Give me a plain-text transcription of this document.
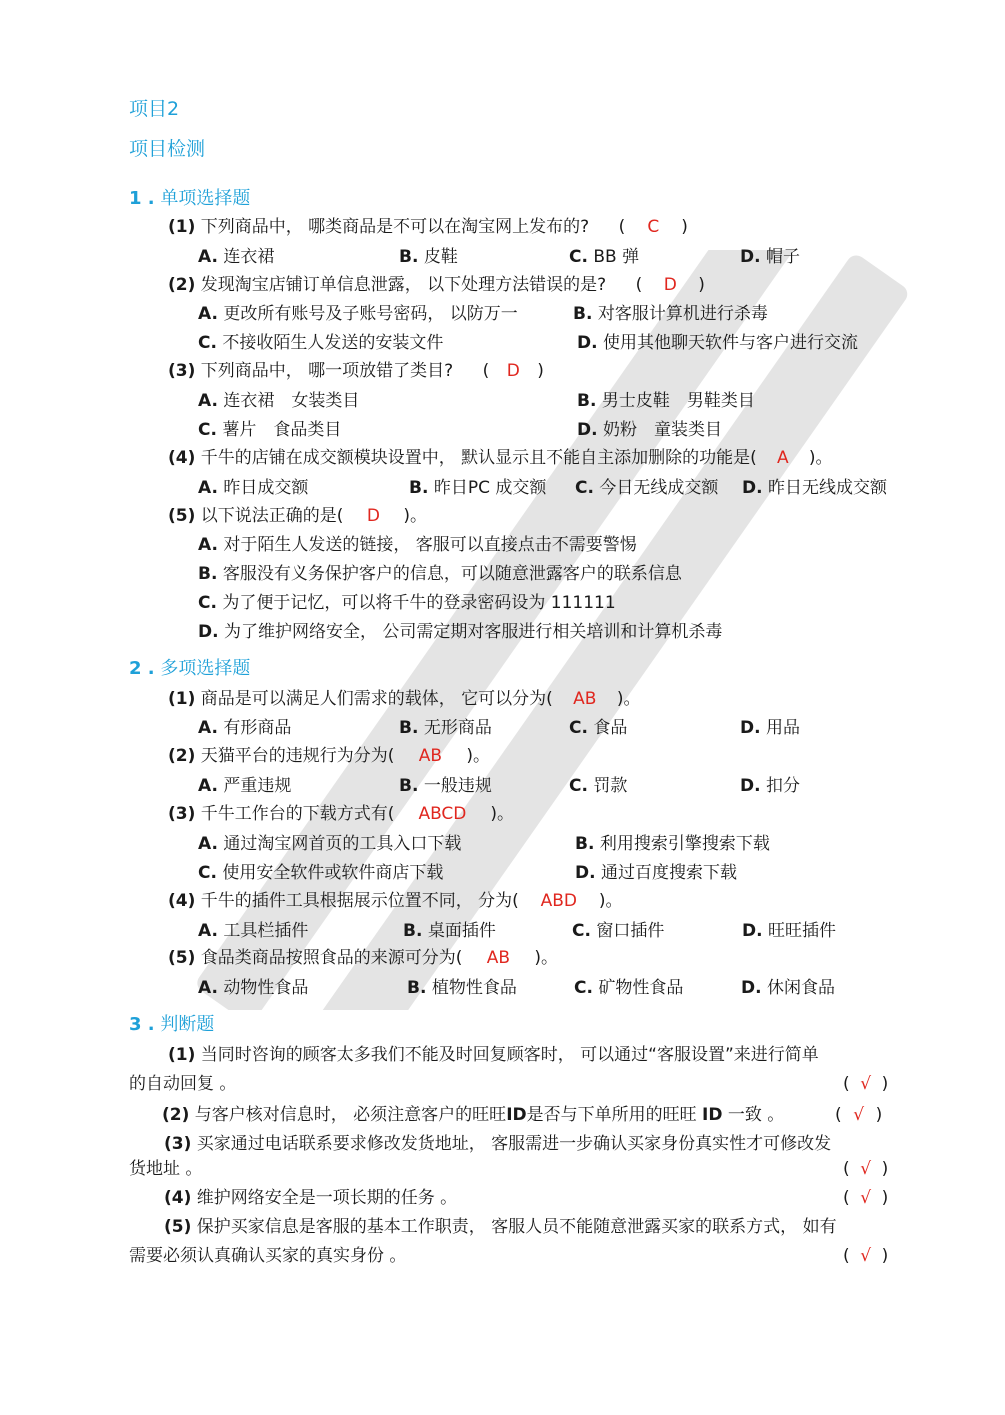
项目2
项目检测
1 . 单项选择题
(1) 下列商品中， 哪类商品是不可以在淘宝网上发布的? ( C )
A. 连衣裙	B. 皮鞋	C. BB 弹	D. 帽子
(2) 发现淘宝店铺订单信息泄露， 以下处理方法错误的是? ( D )
A. 更改所有账号及子账号密码， 以防万一	B. 对客服计算机进行杀毒
C. 不接收陌生人发送的安装文件	D. 使用其他聊天软件与客户进行交流
(3) 下列商品中， 哪一项放错了类目? ( D )
A. 连衣裙　女装类目	B. 男士皮鞋　男鞋类目
C. 薯片　食品类目	D. 奶粉　童装类目
(4) 千牛的店铺在成交额模块设置中， 默认显示且不能自主添加删除的功能是( A )。
A. 昨日成交额	B. 昨日PC 成交额 C. 今日无线成交额 D. 昨日无线成交额
(5) 以下说法正确的是( D )。
A. 对于陌生人发送的链接， 客服可以直接点击不需要警惕
B. 客服没有义务保护客户的信息，可以随意泄露客户的联系信息
C. 为了便于记忆，可以将千牛的登录密码设为 111111
D. 为了维护网络安全， 公司需定期对客服进行相关培训和计算机杀毒
2 . 多项选择题
(1) 商品是可以满足人们需求的载体， 它可以分为( AB )。
A. 有形商品	B. 无形商品	C. 食品	D. 用品
(2) 天猫平台的违规行为分为( AB )。
A. 严重违规	B. 一般违规	C. 罚款	D. 扣分
(3) 千牛工作台的下载方式有( ABCD )。
A. 通过淘宝网首页的工具入口下载	B. 利用搜索引擎搜索下载
C. 使用安全软件或软件商店下载	D. 通过百度搜索下载
(4) 千牛的插件工具根据展示位置不同， 分为( ABD )。
A. 工具栏插件	B. 桌面插件	C. 窗口插件	D. 旺旺插件
(5) 食品类商品按照食品的来源可分为( AB )。
A. 动物性食品	B. 植物性食品	C. 矿物性食品	D. 休闲食品
3 . 判断题
(1) 当同时咨询的顾客太多我们不能及时回复顾客时， 可以通过“客服设置”来进行简单
的自动回复 。	( √ )
(2) 与客户核对信息时， 必须注意客户的旺旺ID是否与下单所用的旺旺 ID 一致 。	( √ )
(3) 买家通过电话联系要求修改发货地址， 客服需进一步确认买家身份真实性才可修改发
货地址 。	( √ )
(4) 维护网络安全是一项长期的任务 。	( √ )
(5) 保护买家信息是客服的基本工作职责， 客服人员不能随意泄露买家的联系方式， 如有
需要必须认真确认买家的真实身份 。	( √ )
